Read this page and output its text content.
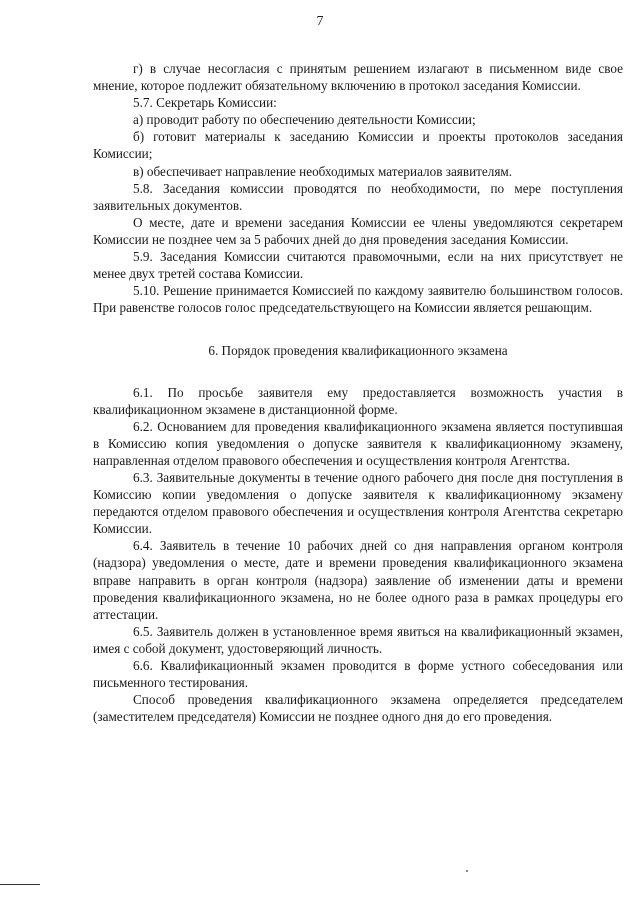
7

г) в случае несогласия с принятым решением излагают в письменном виде свое мнение, которое подлежит обязательному включению в протокол заседания Комиссии.

5.7. Секретарь Комиссии:

а) проводит работу по обеспечению деятельности Комиссии;

б) готовит материалы к заседанию Комиссии и проекты протоколов заседания Комиссии;

в) обеспечивает направление необходимых материалов заявителям.

5.8. Заседания комиссии проводятся по необходимости, по мере поступления заявительных документов.

О месте, дате и времени заседания Комиссии ее члены уведомляются секретарем Комиссии не позднее чем за 5 рабочих дней до дня проведения заседания Комиссии.

5.9. Заседания Комиссии считаются правомочными, если на них присутствует не менее двух третей состава Комиссии.

5.10. Решение принимается Комиссией по каждому заявителю большинством голосов. При равенстве голосов голос председательствующего на Комиссии является решающим.

6. Порядок проведения квалификационного экзамена

6.1. По просьбе заявителя ему предоставляется возможность участия в квалификационном экзамене в дистанционной форме.

6.2. Основанием для проведения квалификационного экзамена является поступившая в Комиссию копия уведомления о допуске заявителя к квалификационному экзамену, направленная отделом правового обеспечения и осуществления контроля Агентства.

6.3. Заявительные документы в течение одного рабочего дня после дня поступления в Комиссию копии уведомления о допуске заявителя к квалификационному экзамену передаются отделом правового обеспечения и осуществления контроля Агентства секретарю Комиссии.

6.4. Заявитель в течение 10 рабочих дней со дня направления органом контроля (надзора) уведомления о месте, дате и времени проведения квалификационного экзамена вправе направить в орган контроля (надзора) заявление об изменении даты и времени проведения квалификационного экзамена, но не более одного раза в рамках процедуры его аттестации.

6.5. Заявитель должен в установленное время явиться на квалификационный экзамен, имея с собой документ, удостоверяющий личность.

6.6. Квалификационный экзамен проводится в форме устного собеседования или письменного тестирования.

Способ проведения квалификационного экзамена определяется председателем (заместителем председателя) Комиссии не позднее одного дня до его проведения.
